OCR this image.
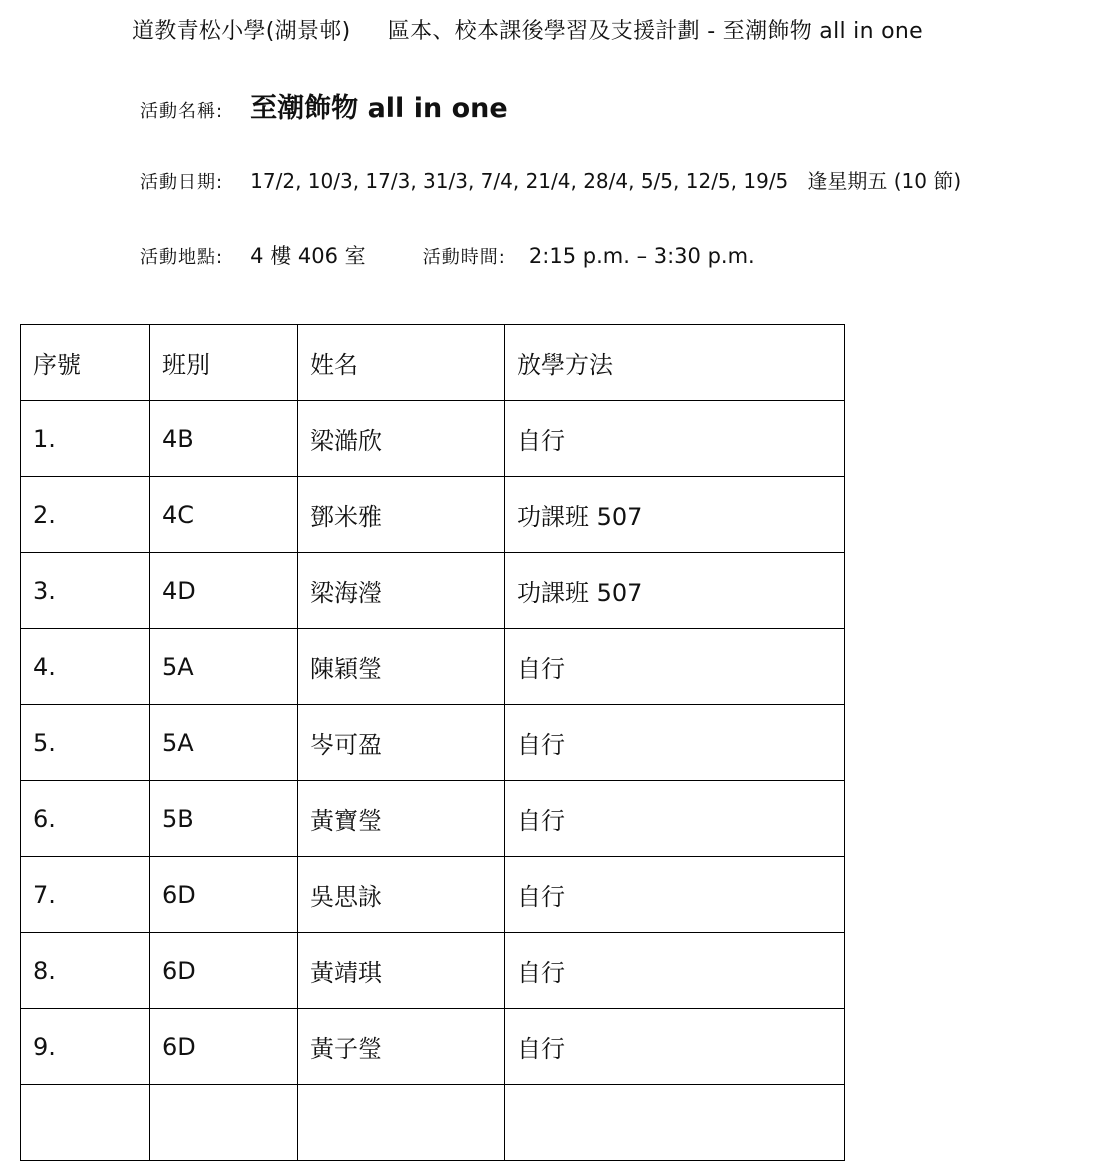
道教青松小學(湖景邨) 區本、校本課後學習及支援計劃 - 至潮飾物 all in one
活動名稱: 至潮飾物 all in one
活動日期: 17/2, 10/3, 17/3, 31/3, 7/4, 21/4, 28/4, 5/5, 12/5, 19/5 逢星期五 (10 節)
活動地點: 4 樓 406 室	活動時間: 2:15 p.m. – 3:30 p.m.
序號	班別	姓名	放學方法
1.	4B	梁澔欣	自行
2.	4C	鄧米雅	功課班 507
3.	4D	梁海瀅	功課班 507
4.	5A	陳穎瑩	自行
5.	5A	岑可盈	自行
6.	5B	黃寶瑩	自行
7.	6D	吳思詠	自行
8.	6D	黃靖琪	自行
9.	6D	黃子瑩	自行
